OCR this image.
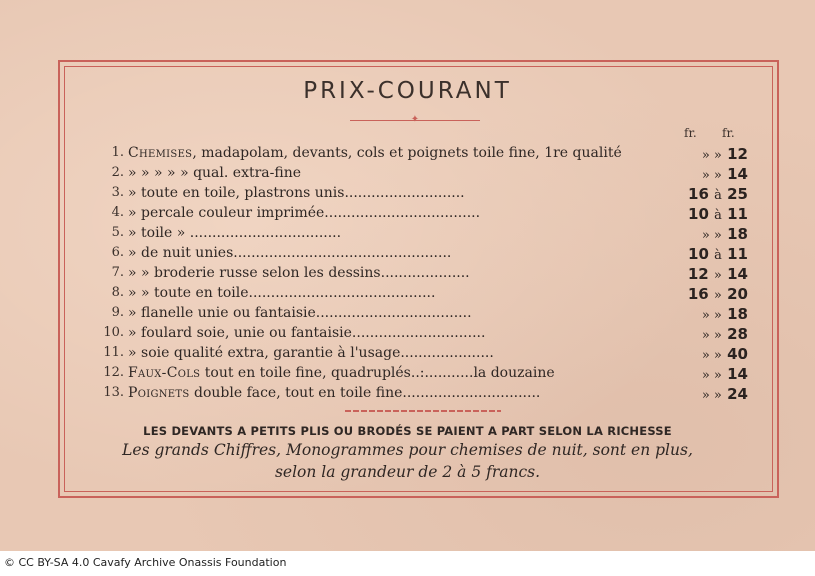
PRIX-COURANT
✦
fr. fr.
1. Chemises, madapolam, devants, cols et poignets toile fine, 1re qualité	» » 12
2. » » » » » qual. extra-fine	» » 14
3. » toute en toile, plastrons unis...........................	16 à 25
4. » percale couleur imprimée...................................	10 à 11
5. » toile » ..................................	» » 18
6. » de nuit unies.................................................	10 à 11
7. » » broderie russe selon les dessins....................	12 » 14
8. » » toute en toile..........................................	16 » 20
9. » flanelle unie ou fantaisie...................................	» » 18
10. » foulard soie, unie ou fantaisie..............................	» » 28
11. » soie qualité extra, garantie à l'usage.....................	» » 40
12. Faux-Cols tout en toile fine, quadruplés..:...........la douzaine	» » 14
13. Poignets double face, tout en toile fine...............................	» » 24
LES DEVANTS A PETITS PLIS OU BRODÉS SE PAIENT A PART SELON LA RICHESSE
Les grands Chiffres, Monogrammes pour chemises de nuit, sont en plus,
selon la grandeur de 2 à 5 francs.
© CC BY-SA 4.0 Cavafy Archive Onassis Foundation
